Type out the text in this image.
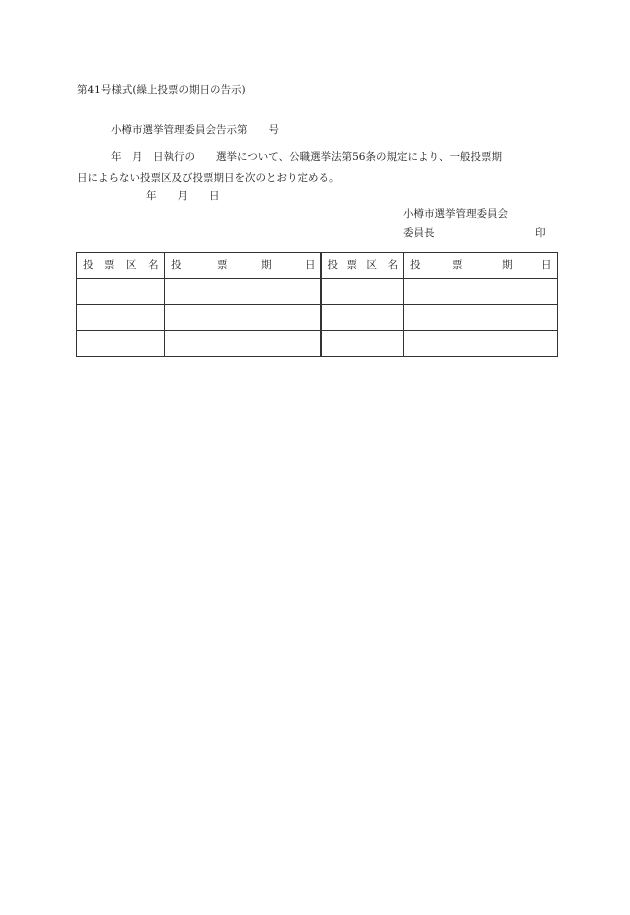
第41号様式(繰上投票の期日の告示)
小樽市選挙管理委員会告示第　　号
年　月　日執行の　　選挙について、公職選挙法第56条の規定により、一般投票期
日によらない投票区及び投票期日を次のとおり定める。
年　　月　　日
小樽市選挙管理委員会
委員長	印
投 票 区 名	投 票 期 日	投 票 区 名	投 票 期 日
